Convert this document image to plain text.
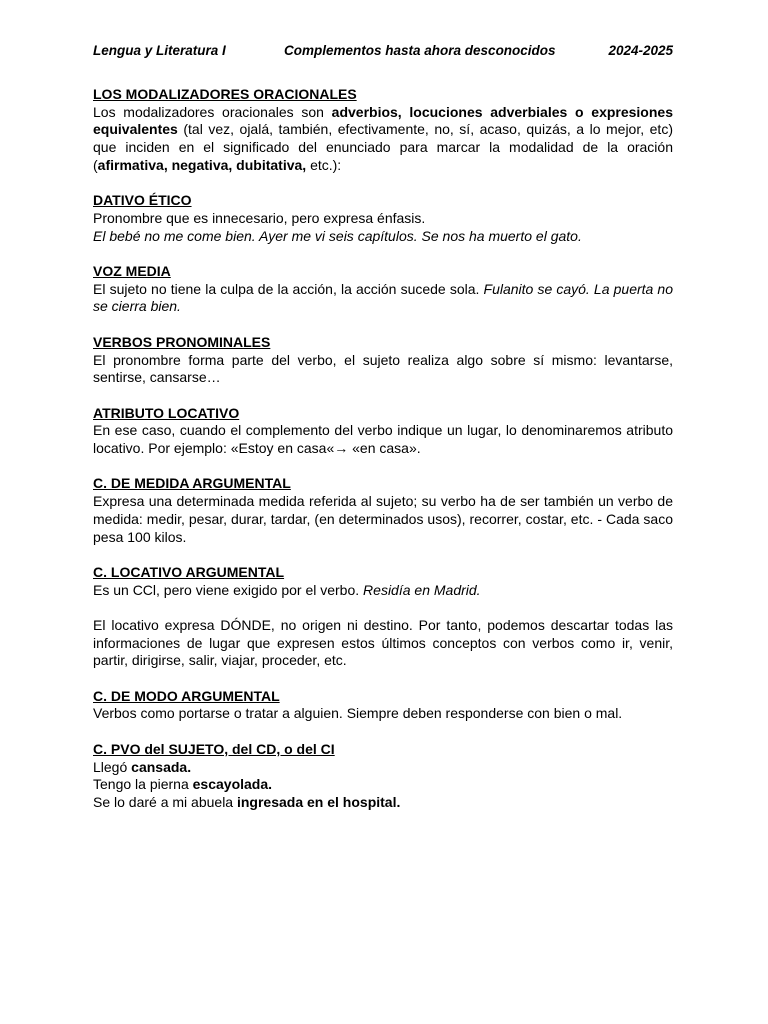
Lengua y Literatura I	Complementos hasta ahora desconocidos	2024-2025
LOS MODALIZADORES ORACIONALES

Los modalizadores oracionales son adverbios, locuciones adverbiales o expresiones equivalentes (tal vez, ojalá, también, efectivamente, no, sí, acaso, quizás, a lo mejor, etc) que inciden en el significado del enunciado para marcar la modalidad de la oración (afirmativa, negativa, dubitativa, etc.):

DATIVO ÉTICO

Pronombre que es innecesario, pero expresa énfasis.

El bebé no me come bien. Ayer me vi seis capítulos. Se nos ha muerto el gato.

VOZ MEDIA

El sujeto no tiene la culpa de la acción, la acción sucede sola. Fulanito se cayó. La puerta no se cierra bien.

VERBOS PRONOMINALES

El pronombre forma parte del verbo, el sujeto realiza algo sobre sí mismo: levantarse, sentirse, cansarse…

ATRIBUTO LOCATIVO

En ese caso, cuando el complemento del verbo indique un lugar, lo denominaremos atributo locativo. Por ejemplo: «Estoy en casa«→ «en casa».

C. DE MEDIDA ARGUMENTAL

Expresa una determinada medida referida al sujeto; su verbo ha de ser también un verbo de medida: medir, pesar, durar, tardar, (en determinados usos), recorrer, costar, etc. - Cada saco pesa 100 kilos.

C. LOCATIVO ARGUMENTAL

Es un CCl, pero viene exigido por el verbo. Residía en Madrid.

El locativo expresa DÓNDE, no origen ni destino. Por tanto, podemos descartar todas las informaciones de lugar que expresen estos últimos conceptos con verbos como ir, venir, partir, dirigirse, salir, viajar, proceder, etc.

C. DE MODO ARGUMENTAL

Verbos como portarse o tratar a alguien. Siempre deben responderse con bien o mal.

C. PVO del SUJETO, del CD, o del CI

Llegó cansada.

Tengo la pierna escayolada.

Se lo daré a mi abuela ingresada en el hospital.
